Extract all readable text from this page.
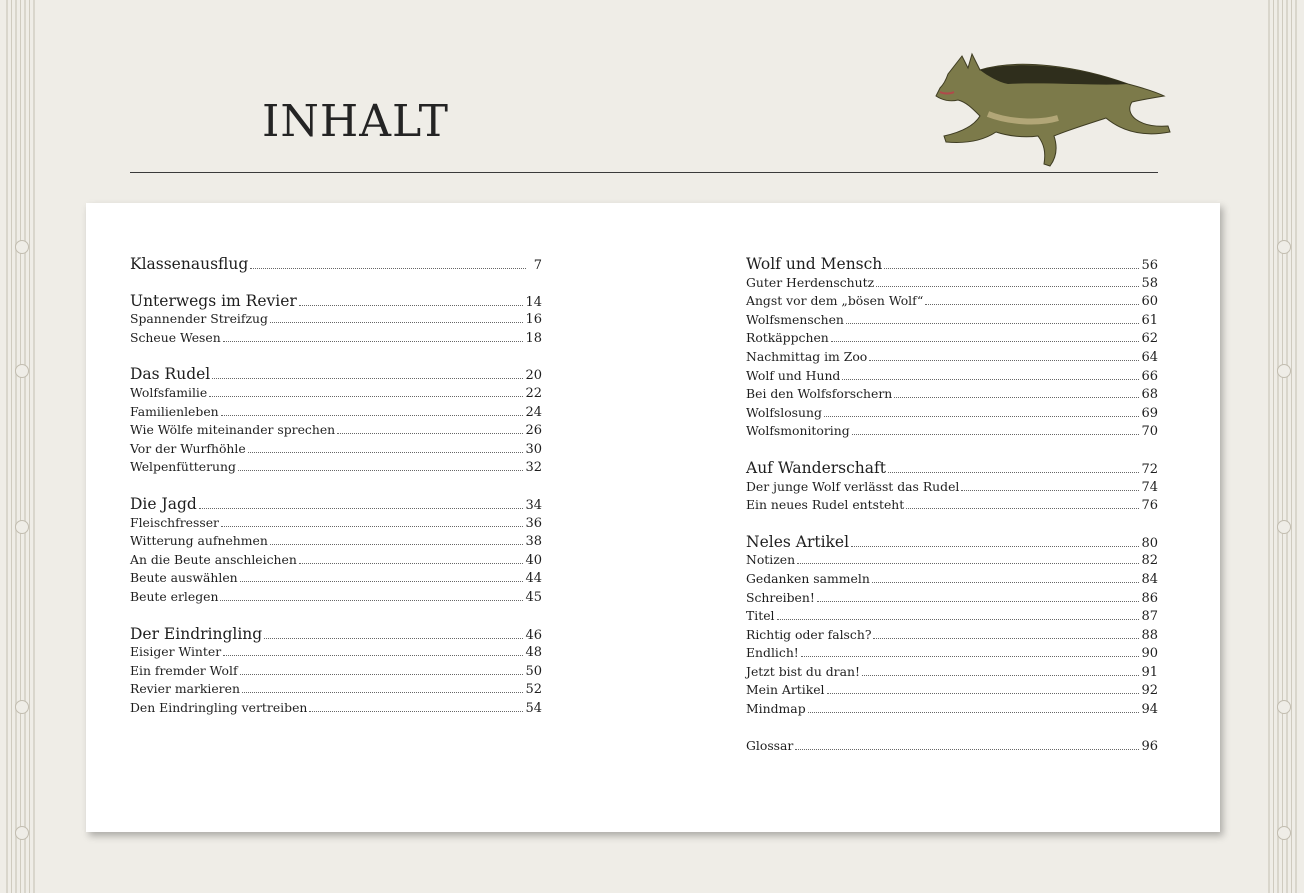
INHALT
Klassenausflug	7
Unterwegs im Revier	14
Spannender Streifzug	16
Scheue Wesen	18
Das Rudel	20
Wolfsfamilie	22
Familienleben	24
Wie Wölfe miteinander sprechen	26
Vor der Wurfhöhle	30
Welpenfütterung	32
Die Jagd	34
Fleischfresser	36
Witterung aufnehmen	38
An die Beute anschleichen	40
Beute auswählen	44
Beute erlegen	45
Der Eindringling	46
Eisiger Winter	48
Ein fremder Wolf	50
Revier markieren	52
Den Eindringling vertreiben	54
Wolf und Mensch	56
Guter Herdenschutz	58
Angst vor dem „bösen Wolf“	60
Wolfsmenschen	61
Rotkäppchen	62
Nachmittag im Zoo	64
Wolf und Hund	66
Bei den Wolfsforschern	68
Wolfslosung	69
Wolfsmonitoring	70
Auf Wanderschaft	72
Der junge Wolf verlässt das Rudel	74
Ein neues Rudel entsteht	76
Neles Artikel	80
Notizen	82
Gedanken sammeln	84
Schreiben!	86
Titel	87
Richtig oder falsch?	88
Endlich!	90
Jetzt bist du dran!	91
Mein Artikel	92
Mindmap	94
Glossar	96
